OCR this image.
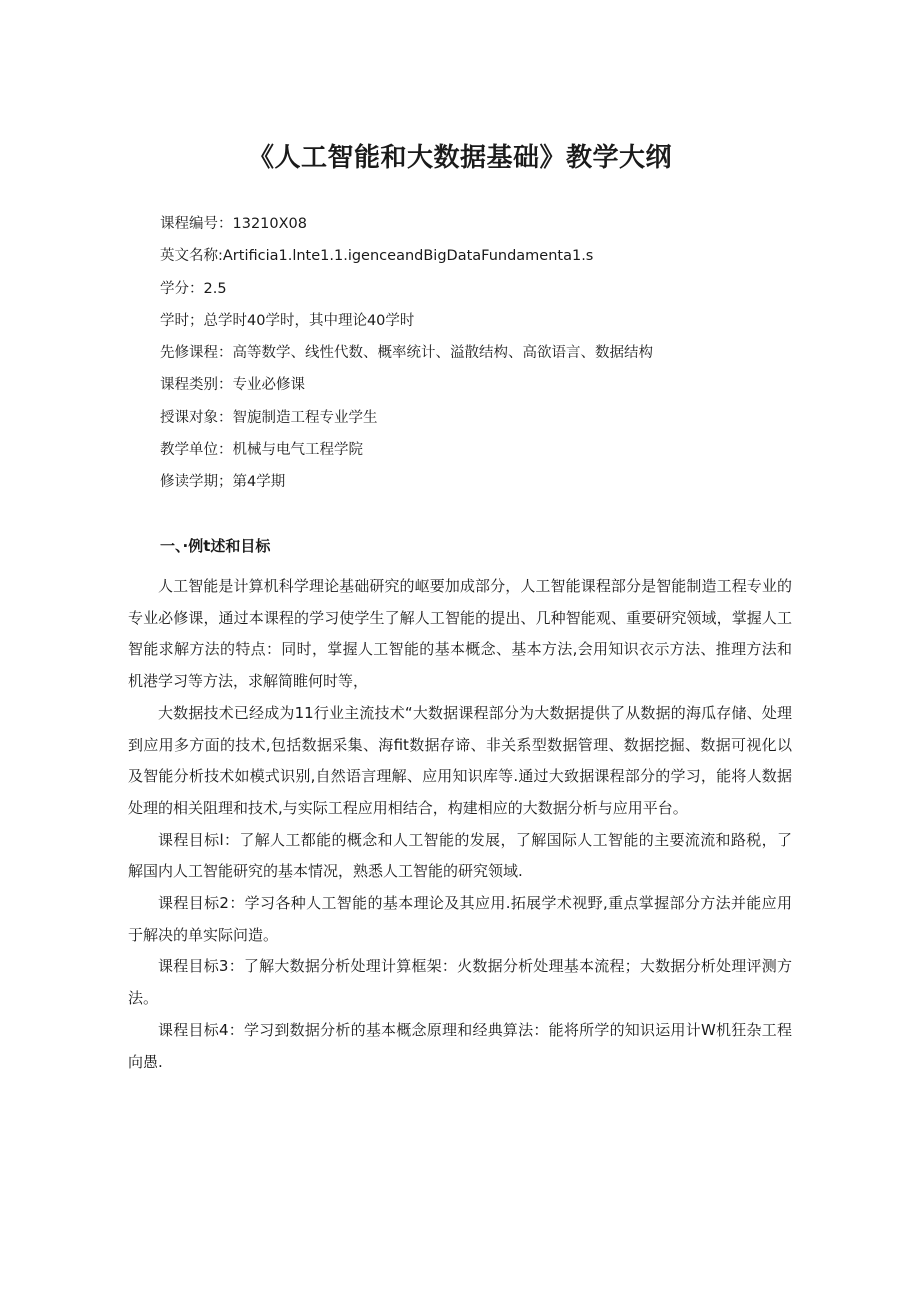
《人工智能和大数据基础》教学大纲
课程编号：13210X08
英文名称:Artificia1.lnte1.1.igenceandBigDataFundamenta1.s
学分：2.5
学时；总学时40学时，其中理论40学时
先修课程：高等数学、线性代数、概率统计、溢散结构、高欲语言、数据结构
课程类别：专业必修课
授课对象：智旎制造工程专业学生
教学单位：机械与电气工程学院
修读学期；第4学期
一、·例t述和目标

人工智能是计算机科学理论基础研究的岖要加成部分，人工智能课程部分是智能制造工程专业的专业必修课，通过本课程的学习使学生了解人工智能的提出、几种智能观、重要研究领域，掌握人工智能求解方法的特点：同时，掌握人工智能的基本概念、基本方法,会用知识衣示方法、推理方法和机港学习等方法，求解简睢何时等，

大数据技术已经成为11行业主流技术“大数据课程部分为大数据提供了从数据的海瓜存储、处理到应用多方面的技术,包括数据采集、海fit数据存谛、非关系型数据管理、数据挖掘、数据可视化以及智能分析技术如模式识别,自然语言理解、应用知识库等.通过大致据课程部分的学习，能将人数据处理的相关阻理和技术,与实际工程应用相结合，构建相应的大数据分析与应用平台。

课程目标l：了解人工都能的概念和人工智能的发展，了解国际人工智能的主要流流和路税，了解国内人工智能研究的基本情况，熟悉人工智能的研究领域.

课程目标2：学习各种人工智能的基本理论及其应用.拓展学术视野,重点掌握部分方法并能应用于解决的单实际问造。

课程目标3：了解大数据分析处理计算框架：火数据分析处理基本流程；大数据分析处理评测方法。

课程目标4：学习到数据分析的基本概念原理和经典算法：能将所学的知识运用计W机狂杂工程向愚.
